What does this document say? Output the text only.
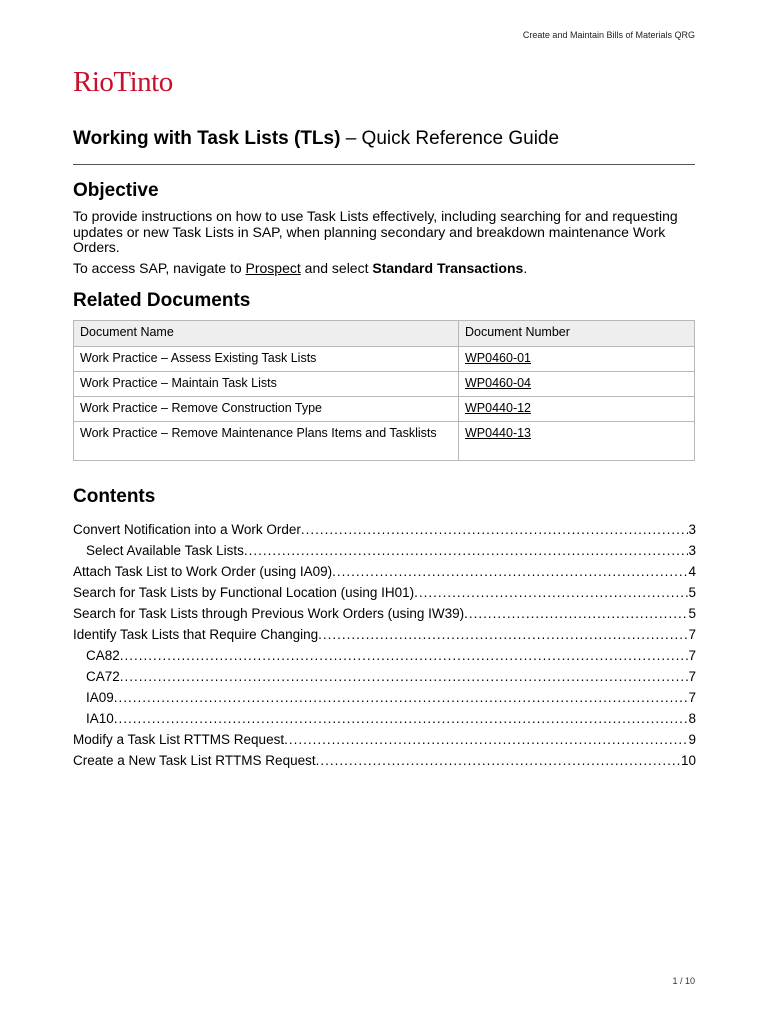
Create and Maintain Bills of Materials QRG
RioTinto
Working with Task Lists (TLs) – Quick Reference Guide
Objective
To provide instructions on how to use Task Lists effectively, including searching for and requesting updates or new Task Lists in SAP, when planning secondary and breakdown maintenance Work Orders.
To access SAP, navigate to Prospect and select Standard Transactions.
Related Documents
Document Name	Document Number
Work Practice – Assess Existing Task Lists	WP0460-01
Work Practice – Maintain Task Lists	WP0460-04
Work Practice – Remove Construction Type	WP0440-12
Work Practice – Remove Maintenance Plans Items and Tasklists	WP0440-13
Contents
Convert Notification into a Work Order .....	3
Select Available Task Lists .....	3
Attach Task List to Work Order (using IA09) .....	4
Search for Task Lists by Functional Location (using IH01) .....	5
Search for Task Lists through Previous Work Orders (using IW39) .....	5
Identify Task Lists that Require Changing .....	7
CA82 .....	7
CA72 .....	7
IA09 .....	7
IA10 .....	8
Modify a Task List RTTMS Request .....	9
Create a New Task List RTTMS Request .....	10
1 / 10
